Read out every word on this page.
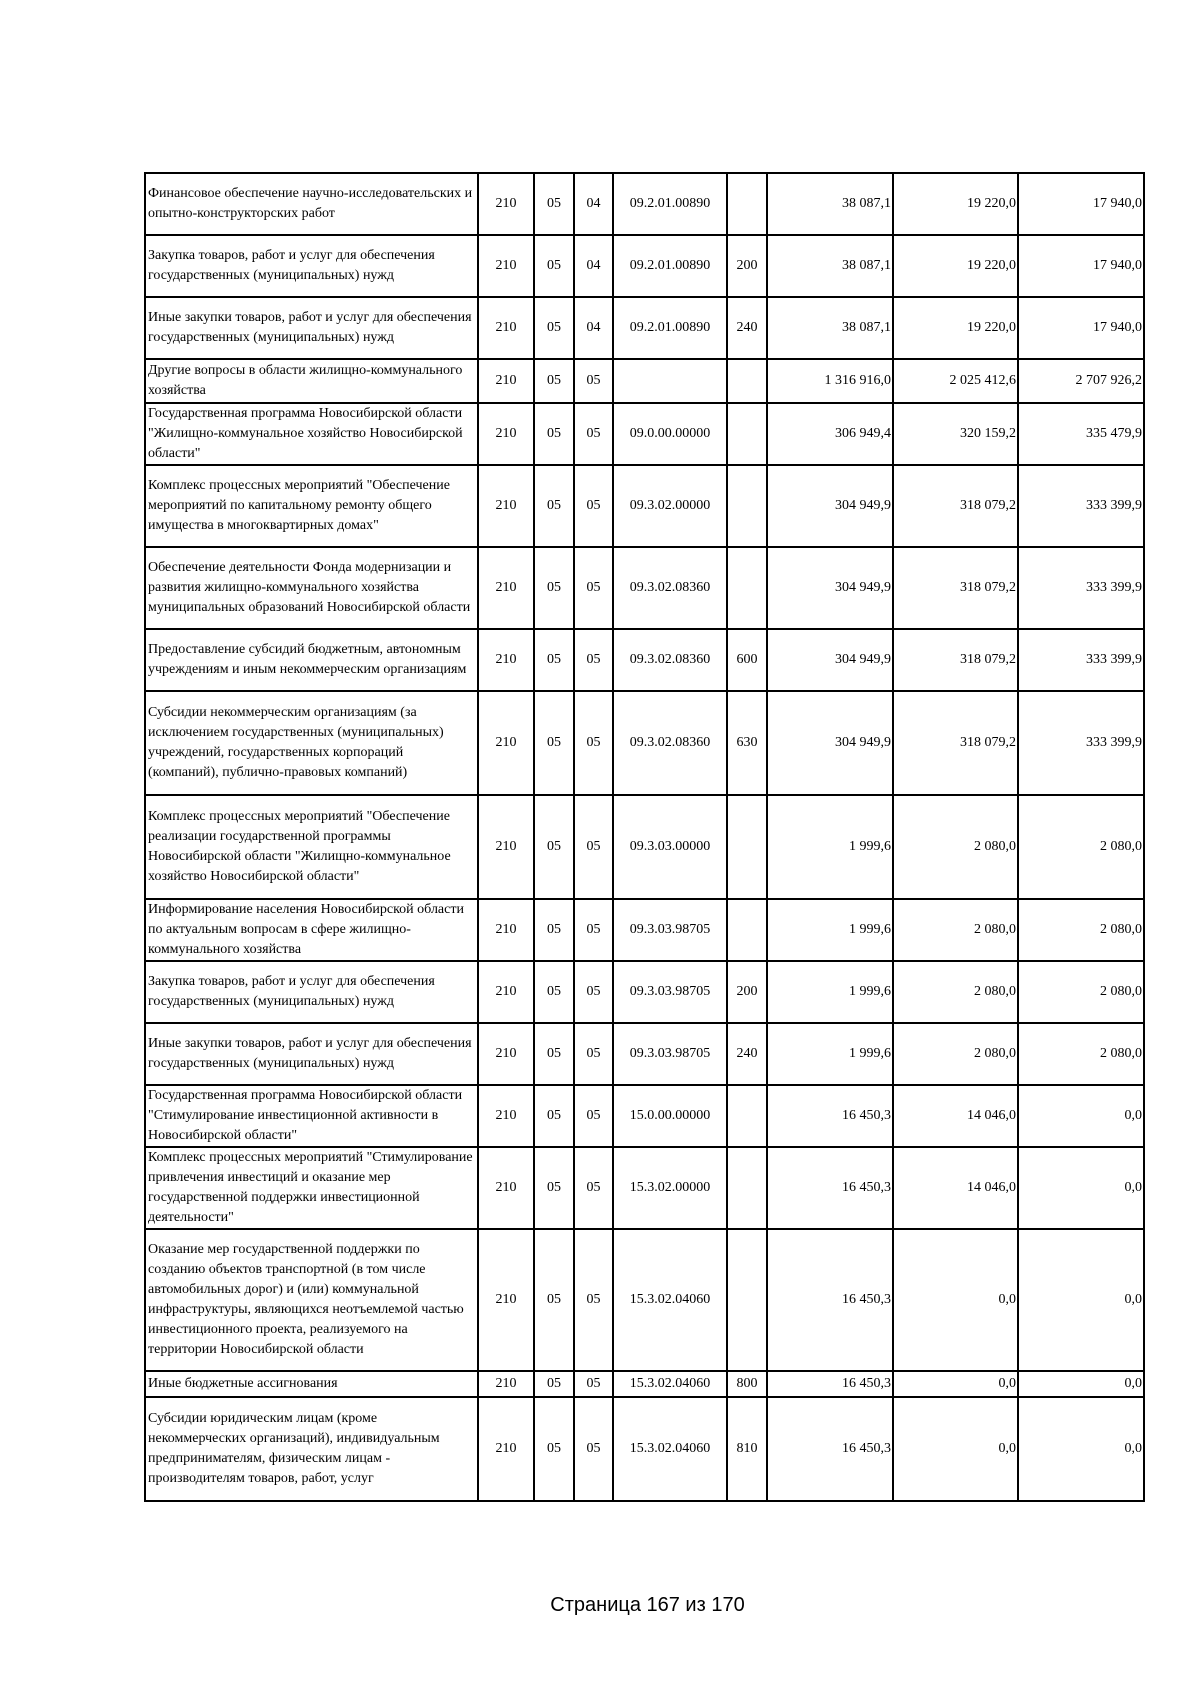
Финансовое обеспечение научно-исследовательских и опытно-конструкторских работ	210	05	04	09.2.01.00890		38 087,1	19 220,0	17 940,0
Закупка товаров, работ и услуг для обеспечения государственных (муниципальных) нужд	210	05	04	09.2.01.00890	200	38 087,1	19 220,0	17 940,0
Иные закупки товаров, работ и услуг для обеспечения государственных (муниципальных) нужд	210	05	04	09.2.01.00890	240	38 087,1	19 220,0	17 940,0
Другие вопросы в области жилищно-коммунального хозяйства	210	05	05			1 316 916,0	2 025 412,6	2 707 926,2
Государственная программа Новосибирской области "Жилищно-коммунальное хозяйство Новосибирской области"	210	05	05	09.0.00.00000		306 949,4	320 159,2	335 479,9
Комплекс процессных мероприятий "Обеспечение мероприятий по капитальному ремонту общего имущества в многоквартирных домах"	210	05	05	09.3.02.00000		304 949,9	318 079,2	333 399,9
Обеспечение деятельности Фонда модернизации и развития жилищно-коммунального хозяйства муниципальных образований Новосибирской области	210	05	05	09.3.02.08360		304 949,9	318 079,2	333 399,9
Предоставление субсидий бюджетным, автономным учреждениям и иным некоммерческим организациям	210	05	05	09.3.02.08360	600	304 949,9	318 079,2	333 399,9
Субсидии некоммерческим организациям (за исключением государственных (муниципальных) учреждений, государственных корпораций (компаний), публично-правовых компаний)	210	05	05	09.3.02.08360	630	304 949,9	318 079,2	333 399,9
Комплекс процессных мероприятий "Обеспечение реализации государственной программы Новосибирской области "Жилищно-коммунальное хозяйство Новосибирской области"	210	05	05	09.3.03.00000		1 999,6	2 080,0	2 080,0
Информирование населения Новосибирской области по актуальным вопросам в сфере жилищно-коммунального хозяйства	210	05	05	09.3.03.98705		1 999,6	2 080,0	2 080,0
Закупка товаров, работ и услуг для обеспечения государственных (муниципальных) нужд	210	05	05	09.3.03.98705	200	1 999,6	2 080,0	2 080,0
Иные закупки товаров, работ и услуг для обеспечения государственных (муниципальных) нужд	210	05	05	09.3.03.98705	240	1 999,6	2 080,0	2 080,0
Государственная программа Новосибирской области "Стимулирование инвестиционной активности в Новосибирской области"	210	05	05	15.0.00.00000		16 450,3	14 046,0	0,0
Комплекс процессных мероприятий "Стимулирование привлечения инвестиций и оказание мер государственной поддержки инвестиционной деятельности"	210	05	05	15.3.02.00000		16 450,3	14 046,0	0,0
Оказание мер государственной поддержки по созданию объектов транспортной (в том числе автомобильных дорог) и (или) коммунальной инфраструктуры, являющихся неотъемлемой частью инвестиционного проекта, реализуемого на территории Новосибирской области	210	05	05	15.3.02.04060		16 450,3	0,0	0,0
Иные бюджетные ассигнования	210	05	05	15.3.02.04060	800	16 450,3	0,0	0,0
Субсидии юридическим лицам (кроме некоммерческих организаций), индивидуальным предпринимателям, физическим лицам - производителям товаров, работ, услуг	210	05	05	15.3.02.04060	810	16 450,3	0,0	0,0
Страница 167 из 170
